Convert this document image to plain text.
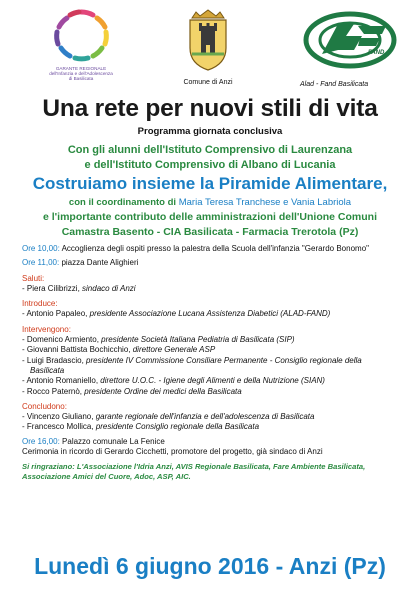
GARANTE REGIONALE
dell'Infanzia e dell'Adolescenza
di Basilicata
Comune di Anzi
FAND
Alad - Fand Basilicata
Una rete per nuovi stili di vita
Programma giornata conclusiva
Con gli alunni dell'Istituto Comprensivo di Laurenzana
e dell'Istituto Comprensivo di Albano di Lucania
Costruiamo insieme la Piramide Alimentare,
con il coordinamento di Maria Teresa Tranchese e Vania Labriola
e l'importante contributo delle amministrazioni dell'Unione Comuni
Camastra Basento - CIA Basilicata - Farmacia Trerotola (Pz)
Ore 10,00: Accoglienza degli ospiti presso la palestra della Scuola dell'infanzia "Gerardo Bonomo"
Ore 11,00: piazza Dante Alighieri
Saluti:
- Piera Cilibrizzi, sindaco di Anzi
Introduce:
- Antonio Papaleo, presidente Associazione Lucana Assistenza Diabetici (ALAD-FAND)
Intervengono:
- Domenico Armiento, presidente Società Italiana Pediatria di Basilicata (SIP)
- Giovanni Battista Bochicchio, direttore Generale ASP
- Luigi Bradascio, presidente IV Commissione Consiliare Permanente - Consiglio regionale della
Basilicata
- Antonio Romaniello, direttore U.O.C. - Igiene degli Alimenti e della Nutrizione (SIAN)
- Rocco Paternò, presidente Ordine dei medici della Basilicata
Concludono:
- Vincenzo Giuliano, garante regionale dell'infanzia e dell'adolescenza di Basilicata
- Francesco Mollica, presidente Consiglio regionale della Basilicata
Ore 16,00: Palazzo comunale La Fenice
Cerimonia in ricordo di Gerardo Cicchetti, promotore del progetto, già sindaco di Anzi
Si ringraziano: L'Associazione l'Idria Anzi, AVIS Regionale Basilicata, Fare Ambiente Basilicata,
Associazione Amici del Cuore, Adoc, ASP, AIC.
Lunedì 6 giugno 2016 - Anzi (Pz)
